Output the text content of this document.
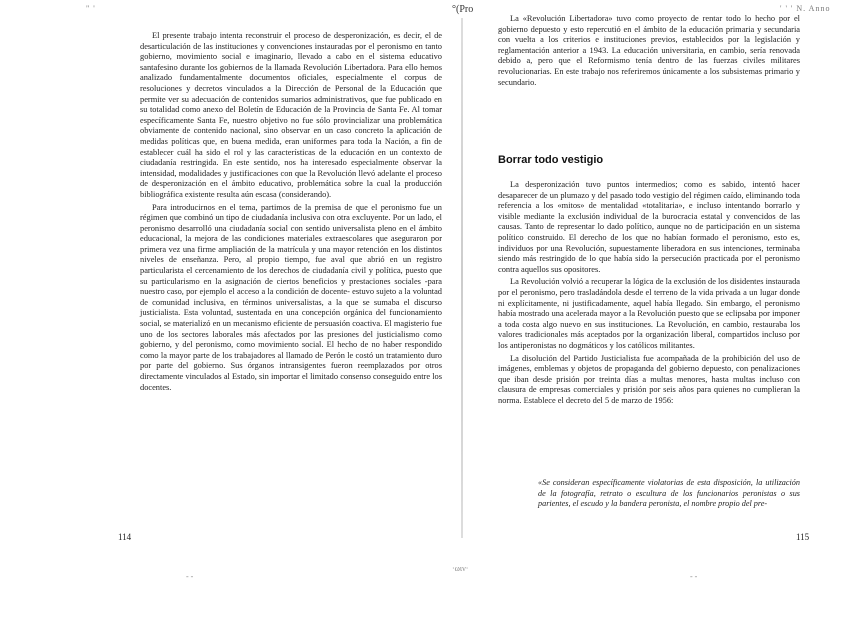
" '	°(Pro	' ' ' N. Anno

El presente trabajo intenta reconstruir el proceso de desperonización, es decir, el de desarticulación de las instituciones y convenciones instauradas por el peronismo en tanto gobierno, movimiento social e imaginario, llevado a cabo en el sistema educativo santafesino durante los gobiernos de la llamada Revolución Libertadora. Para ello hemos analizado fundamentalmente documentos oficiales, especialmente el corpus de resoluciones y decretos vinculados a la Dirección de Personal de la Educación que permite ver su adecuación de contenidos sumarios administrativos, que fue publicado en su totalidad como anexo del Boletín de Educación de la Provincia de Santa Fe. Al tomar específicamente Santa Fe, nuestro objetivo no fue sólo provincializar una problemática obviamente de contenido nacional, sino observar en un caso concreto la aplicación de medidas políticas que, en buena medida, eran uniformes para toda la Nación, a fin de establecer cuál ha sido el rol y las características de la educación en un contexto de ciudadanía restringida. En este sentido, nos ha interesado especialmente observar la intensidad, modalidades y justificaciones con que la Revolución llevó adelante el proceso de desperonización en el ámbito educativo, problemática sobre la cual la producción bibliográfica existente resulta aún escasa (considerando).

Para introducirnos en el tema, partimos de la premisa de que el peronismo fue un régimen que combinó un tipo de ciudadanía inclusiva con otra excluyente. Por un lado, el peronismo desarrolló una ciudadanía social con sentido universalista pleno en el ámbito educacional, la mejora de las condiciones materiales extraescolares que aseguraron por primera vez una firme ampliación de la matrícula y una mayor retención en los distintos niveles de enseñanza. Pero, al propio tiempo, fue aval que abrió en un registro particularista el cercenamiento de los derechos de ciudadanía civil y política, puesto que su particularismo en la asignación de ciertos beneficios y prestaciones sociales -para nuestro caso, por ejemplo el acceso a la condición de docente- estuvo sujeto a la voluntad de comunidad inclusiva, en términos universalistas, a la que se sumaba el discurso justicialista. Esta voluntad, sustentada en una concepción orgánica del funcionamiento social, se materializó en un mecanismo eficiente de persuasión coactiva. El magisterio fue uno de los sectores laborales más afectados por las presiones del justicialismo como gobierno, y del peronismo, como movimiento social. El hecho de no haber respondido como la mayor parte de los trabajadores al llamado de Perón le costó un tratamiento duro por parte del gobierno. Sus órganos intransigentes fueron reemplazados por otros directamente vinculados al Estado, sin importar el limitado consenso conseguido entre los docentes.

114

La «Revolución Libertadora» tuvo como proyecto de rentar todo lo hecho por el gobierno depuesto y esto repercutió en el ámbito de la educación primaria y secundaria con vuelta a los criterios e instituciones previos, establecidos por la legislación y reglamentación anterior a 1943. La educación universitaria, en cambio, sería renovada debido a, pero que el Reformismo tenía dentro de las fuerzas civiles militares revolucionarias. En este trabajo nos referiremos únicamente a los subsistemas primario y secundario.

Borrar todo vestigio

La desperonización tuvo puntos intermedios; como es sabido, intentó hacer desaparecer de un plumazo y del pasado todo vestigio del régimen caído, eliminando toda referencia a los «mitos» de mentalidad «totalitaria», e incluso intentando borrarlo y visible mediante la exclusión individual de la burocracia estatal y convencidos de las causas. Tanto de representar lo dado político, aunque no de participación en un sistema político construido. El derecho de los que no habían formado el peronismo, esto es, individuos por una Revolución, supuestamente liberadora en sus intenciones, terminaba siendo más restringido de lo que había sido la persecución practicada por el peronismo contra aquellos sus opositores.

La Revolución volvió a recuperar la lógica de la exclusión de los disidentes instaurada por el peronismo, pero trasladándola desde el terreno de la vida privada a un lugar donde ni explícitamente, ni justificadamente, aquel había llegado. Sin embargo, el peronismo había mostrado una acelerada mayor a la Revolución puesto que se eclipsaba por imponer a toda costa algo nuevo en sus instituciones. La Revolución, en cambio, restauraba los valores tradicionales más aceptados por la organización liberal, compartidos incluso por los antiperonistas no dogmáticos y los católicos militantes.

La disolución del Partido Justicialista fue acompañada de la prohibición del uso de imágenes, emblemas y objetos de propaganda del gobierno depuesto, con penalizaciones que iban desde prisión por treinta días a multas menores, hasta multas incluso con clausura de empresas comerciales y prisión por seis años para quienes no cumplieran la norma. Establece el decreto del 5 de marzo de 1956:

«Se consideran específicamente violatorias de esta disposición, la utilización de la fotografía, retrato o escultura de los funcionarios peronistas o sus parientes, el escudo y la bandera peronista, el nombre propio del pre-

115
- -
·ωιν·
- -
